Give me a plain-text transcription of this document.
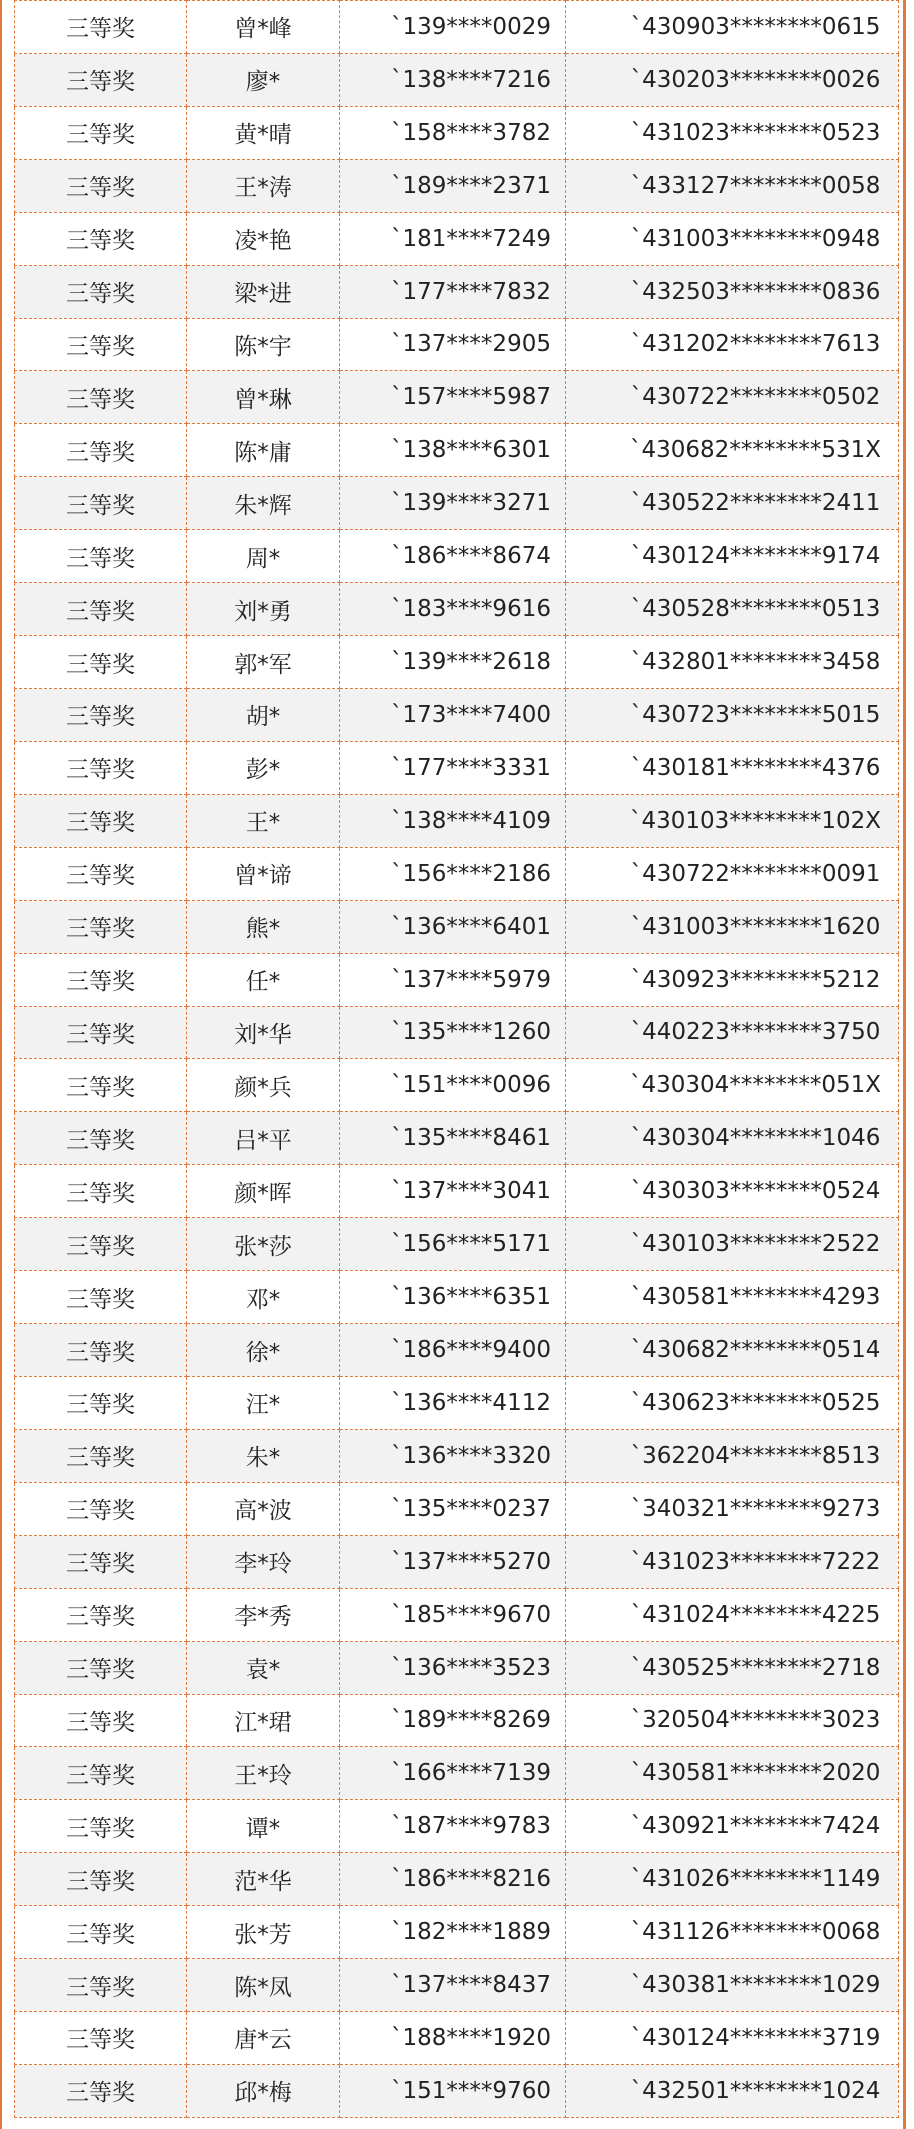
三等奖	曾*峰	`139****0029	`430903********0615
三等奖	廖*	`138****7216	`430203********0026
三等奖	黄*晴	`158****3782	`431023********0523
三等奖	王*涛	`189****2371	`433127********0058
三等奖	凌*艳	`181****7249	`431003********0948
三等奖	梁*进	`177****7832	`432503********0836
三等奖	陈*宇	`137****2905	`431202********7613
三等奖	曾*琳	`157****5987	`430722********0502
三等奖	陈*庸	`138****6301	`430682********531X
三等奖	朱*辉	`139****3271	`430522********2411
三等奖	周*	`186****8674	`430124********9174
三等奖	刘*勇	`183****9616	`430528********0513
三等奖	郭*军	`139****2618	`432801********3458
三等奖	胡*	`173****7400	`430723********5015
三等奖	彭*	`177****3331	`430181********4376
三等奖	王*	`138****4109	`430103********102X
三等奖	曾*谛	`156****2186	`430722********0091
三等奖	熊*	`136****6401	`431003********1620
三等奖	任*	`137****5979	`430923********5212
三等奖	刘*华	`135****1260	`440223********3750
三等奖	颜*兵	`151****0096	`430304********051X
三等奖	吕*平	`135****8461	`430304********1046
三等奖	颜*晖	`137****3041	`430303********0524
三等奖	张*莎	`156****5171	`430103********2522
三等奖	邓*	`136****6351	`430581********4293
三等奖	徐*	`186****9400	`430682********0514
三等奖	汪*	`136****4112	`430623********0525
三等奖	朱*	`136****3320	`362204********8513
三等奖	高*波	`135****0237	`340321********9273
三等奖	李*玲	`137****5270	`431023********7222
三等奖	李*秀	`185****9670	`431024********4225
三等奖	袁*	`136****3523	`430525********2718
三等奖	江*珺	`189****8269	`320504********3023
三等奖	王*玲	`166****7139	`430581********2020
三等奖	谭*	`187****9783	`430921********7424
三等奖	范*华	`186****8216	`431026********1149
三等奖	张*芳	`182****1889	`431126********0068
三等奖	陈*凤	`137****8437	`430381********1029
三等奖	唐*云	`188****1920	`430124********3719
三等奖	邱*梅	`151****9760	`432501********1024
